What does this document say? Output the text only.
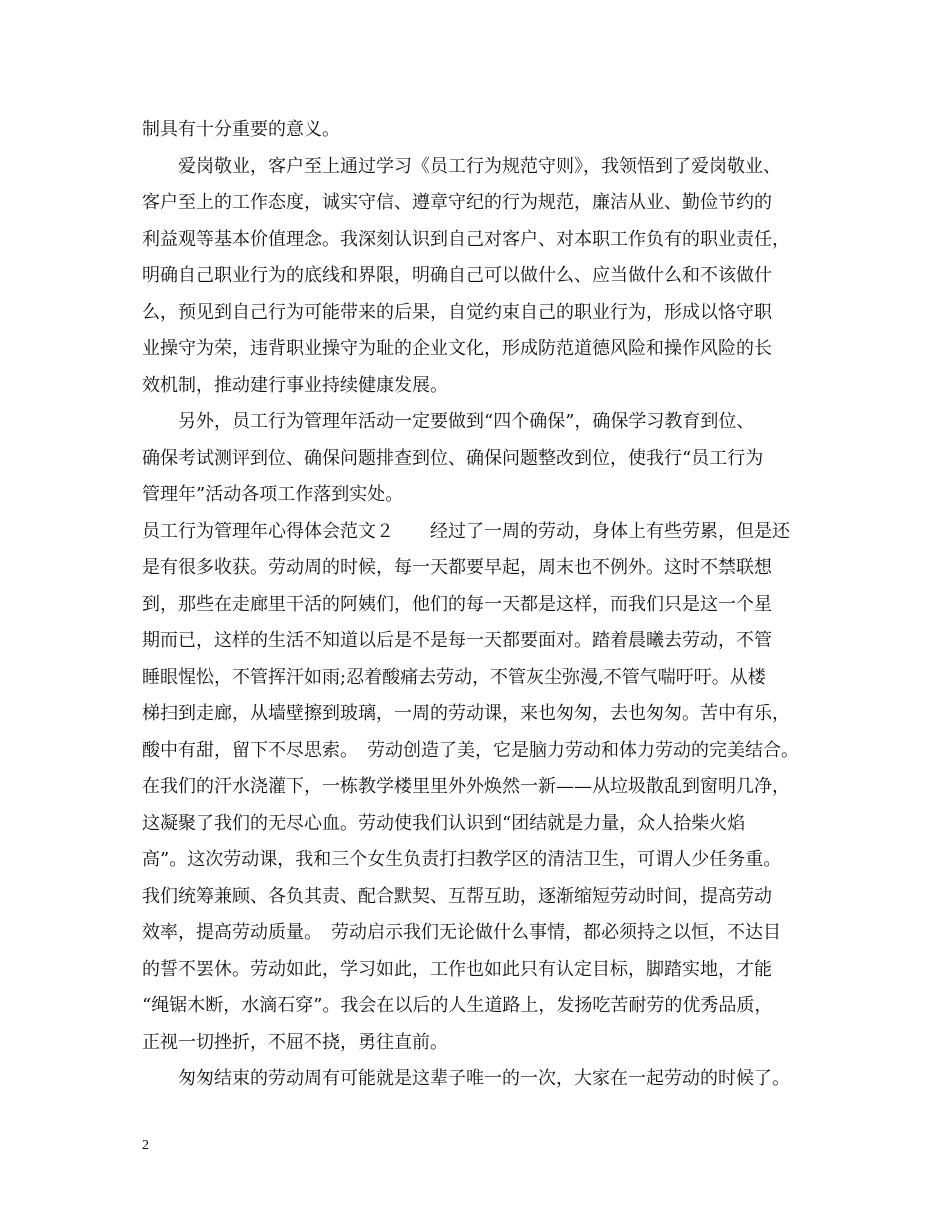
制具有十分重要的意义。
爱岗敬业，客户至上通过学习《员工行为规范守则》，我领悟到了爱岗敬业、
客户至上的工作态度，诚实守信、遵章守纪的行为规范，廉洁从业、勤俭节约的
利益观等基本价值理念。我深刻认识到自己对客户、对本职工作负有的职业责任，
明确自己职业行为的底线和界限，明确自己可以做什么、应当做什么和不该做什
么，预见到自己行为可能带来的后果，自觉约束自己的职业行为，形成以恪守职
业操守为荣，违背职业操守为耻的企业文化，形成防范道德风险和操作风险的长
效机制，推动建行事业持续健康发展。
另外，员工行为管理年活动一定要做到“四个确保”，确保学习教育到位、
确保考试测评到位、确保问题排查到位、确保问题整改到位，使我行“员工行为
管理年”活动各项工作落到实处。
员工行为管理年心得体会范文２　　经过了一周的劳动，身体上有些劳累，但是还
是有很多收获。劳动周的时候，每一天都要早起，周末也不例外。这时不禁联想
到，那些在走廊里干活的阿姨们，他们的每一天都是这样，而我们只是这一个星
期而已，这样的生活不知道以后是不是每一天都要面对。踏着晨曦去劳动，不管
睡眼惺忪，不管挥汗如雨;忍着酸痛去劳动，不管灰尘弥漫,不管气喘吁吁。从楼
梯扫到走廊，从墙壁擦到玻璃，一周的劳动课，来也匆匆，去也匆匆。苦中有乐，
酸中有甜，留下不尽思索。　劳动创造了美，它是脑力劳动和体力劳动的完美结合。
在我们的汗水浇灌下，一栋教学楼里里外外焕然一新——从垃圾散乱到窗明几净，
这凝聚了我们的无尽心血。劳动使我们认识到“团结就是力量，众人拾柴火焰
高”。这次劳动课，我和三个女生负责打扫教学区的清洁卫生，可谓人少任务重。
我们统筹兼顾、各负其责、配合默契、互帮互助，逐渐缩短劳动时间，提高劳动
效率，提高劳动质量。　劳动启示我们无论做什么事情，都必须持之以恒，不达目
的誓不罢休。劳动如此，学习如此，工作也如此只有认定目标，脚踏实地，才能
“绳锯木断，水滴石穿”。我会在以后的人生道路上，发扬吃苦耐劳的优秀品质，
正视一切挫折，不屈不挠，勇往直前。
匆匆结束的劳动周有可能就是这辈子唯一的一次，大家在一起劳动的时候了。
2
